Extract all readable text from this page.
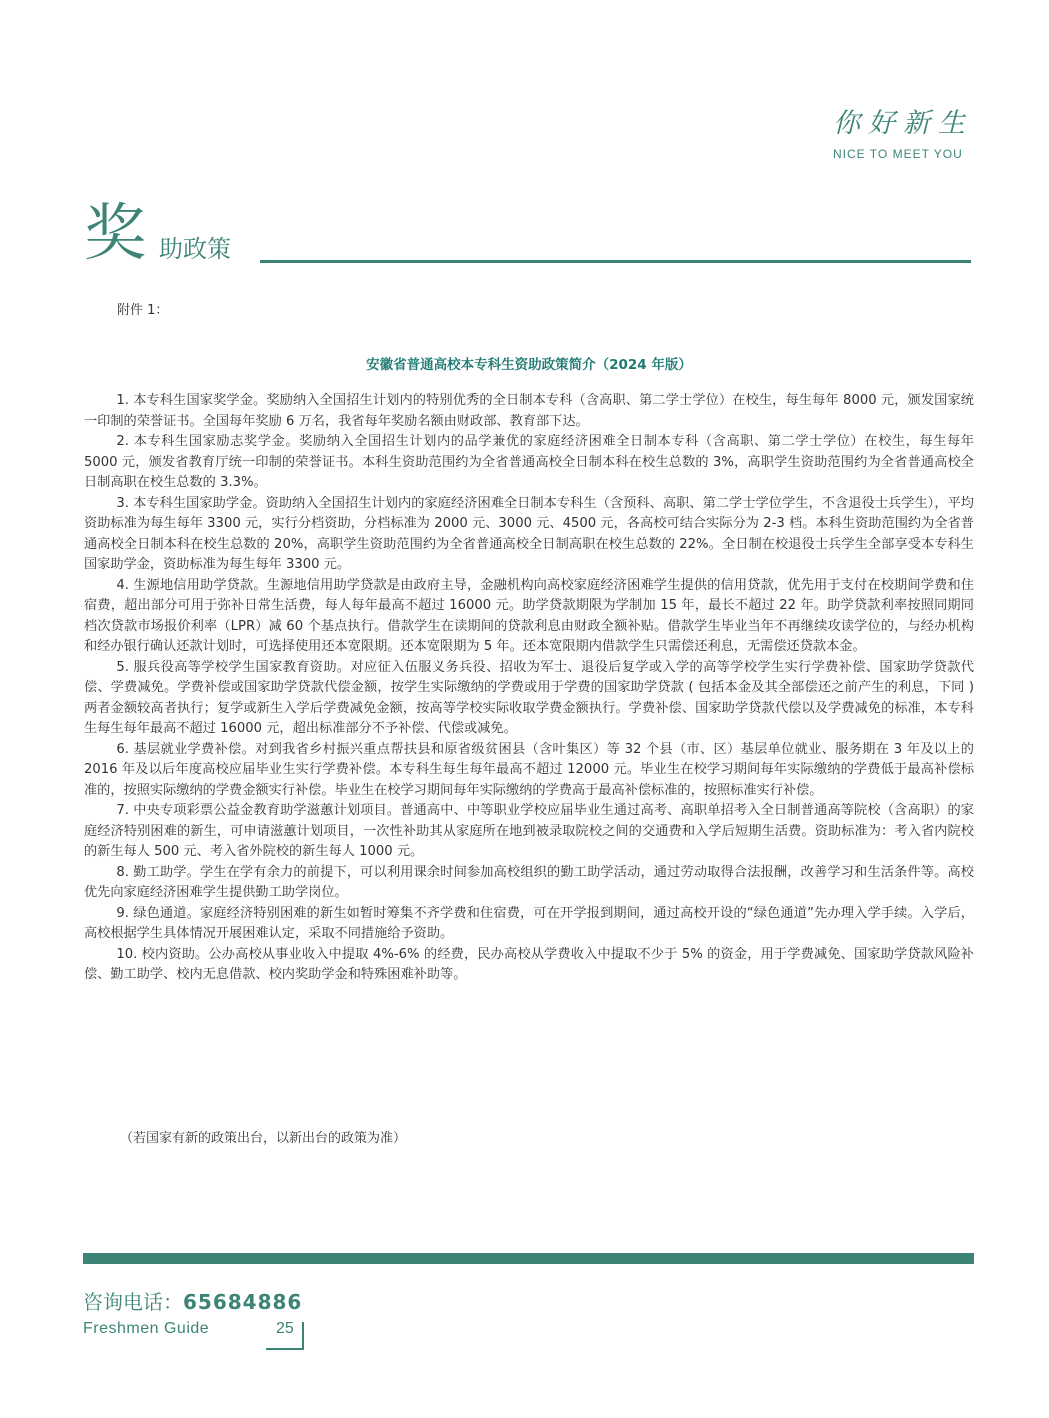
你好新生
NICE TO MEET YOU
奖 助政策
附件 1：
安徽省普通高校本专科生资助政策简介（2024 年版）

1. 本专科生国家奖学金。奖励纳入全国招生计划内的特别优秀的全日制本专科（含高职、第二学士学位）在校生，每生每年 8000 元，颁发国家统一印制的荣誉证书。全国每年奖励 6 万名，我省每年奖励名额由财政部、教育部下达。

2. 本专科生国家励志奖学金。奖励纳入全国招生计划内的品学兼优的家庭经济困难全日制本专科（含高职、第二学士学位）在校生，每生每年 5000 元，颁发省教育厅统一印制的荣誉证书。本科生资助范围约为全省普通高校全日制本科在校生总数的 3%，高职学生资助范围约为全省普通高校全日制高职在校生总数的 3.3%。

3. 本专科生国家助学金。资助纳入全国招生计划内的家庭经济困难全日制本专科生（含预科、高职、第二学士学位学生，不含退役士兵学生），平均资助标准为每生每年 3300 元，实行分档资助，分档标准为 2000 元、3000 元、4500 元，各高校可结合实际分为 2-3 档。本科生资助范围约为全省普通高校全日制本科在校生总数的 20%，高职学生资助范围约为全省普通高校全日制高职在校生总数的 22%。全日制在校退役士兵学生全部享受本专科生国家助学金，资助标准为每生每年 3300 元。

4. 生源地信用助学贷款。生源地信用助学贷款是由政府主导，金融机构向高校家庭经济困难学生提供的信用贷款，优先用于支付在校期间学费和住宿费，超出部分可用于弥补日常生活费，每人每年最高不超过 16000 元。助学贷款期限为学制加 15 年，最长不超过 22 年。助学贷款利率按照同期同档次贷款市场报价利率（LPR）减 60 个基点执行。借款学生在读期间的贷款利息由财政全额补贴。借款学生毕业当年不再继续攻读学位的，与经办机构和经办银行确认还款计划时，可选择使用还本宽限期。还本宽限期为 5 年。还本宽限期内借款学生只需偿还利息，无需偿还贷款本金。

5. 服兵役高等学校学生国家教育资助。对应征入伍服义务兵役、招收为军士、退役后复学或入学的高等学校学生实行学费补偿、国家助学贷款代偿、学费减免。学费补偿或国家助学贷款代偿金额，按学生实际缴纳的学费或用于学费的国家助学贷款 ( 包括本金及其全部偿还之前产生的利息，下同 ) 两者金额较高者执行；复学或新生入学后学费减免金额，按高等学校实际收取学费金额执行。学费补偿、国家助学贷款代偿以及学费减免的标准，本专科生每生每年最高不超过 16000 元，超出标准部分不予补偿、代偿或减免。

6. 基层就业学费补偿。对到我省乡村振兴重点帮扶县和原省级贫困县（含叶集区）等 32 个县（市、区）基层单位就业、服务期在 3 年及以上的 2016 年及以后年度高校应届毕业生实行学费补偿。本专科生每生每年最高不超过 12000 元。毕业生在校学习期间每年实际缴纳的学费低于最高补偿标准的，按照实际缴纳的学费金额实行补偿。毕业生在校学习期间每年实际缴纳的学费高于最高补偿标准的，按照标准实行补偿。

7. 中央专项彩票公益金教育助学滋蕙计划项目。普通高中、中等职业学校应届毕业生通过高考、高职单招考入全日制普通高等院校（含高职）的家庭经济特别困难的新生，可申请滋蕙计划项目，一次性补助其从家庭所在地到被录取院校之间的交通费和入学后短期生活费。资助标准为：考入省内院校的新生每人 500 元、考入省外院校的新生每人 1000 元。

8. 勤工助学。学生在学有余力的前提下，可以利用课余时间参加高校组织的勤工助学活动，通过劳动取得合法报酬，改善学习和生活条件等。高校优先向家庭经济困难学生提供勤工助学岗位。

9. 绿色通道。家庭经济特别困难的新生如暂时筹集不齐学费和住宿费，可在开学报到期间，通过高校开设的“绿色通道”先办理入学手续。入学后，高校根据学生具体情况开展困难认定，采取不同措施给予资助。

10. 校内资助。公办高校从事业收入中提取 4%-6% 的经费，民办高校从学费收入中提取不少于 5% 的资金，用于学费减免、国家助学贷款风险补偿、勤工助学、校内无息借款、校内奖助学金和特殊困难补助等。

（若国家有新的政策出台，以新出台的政策为准）
咨询电话：65684886
Freshmen Guide	25
